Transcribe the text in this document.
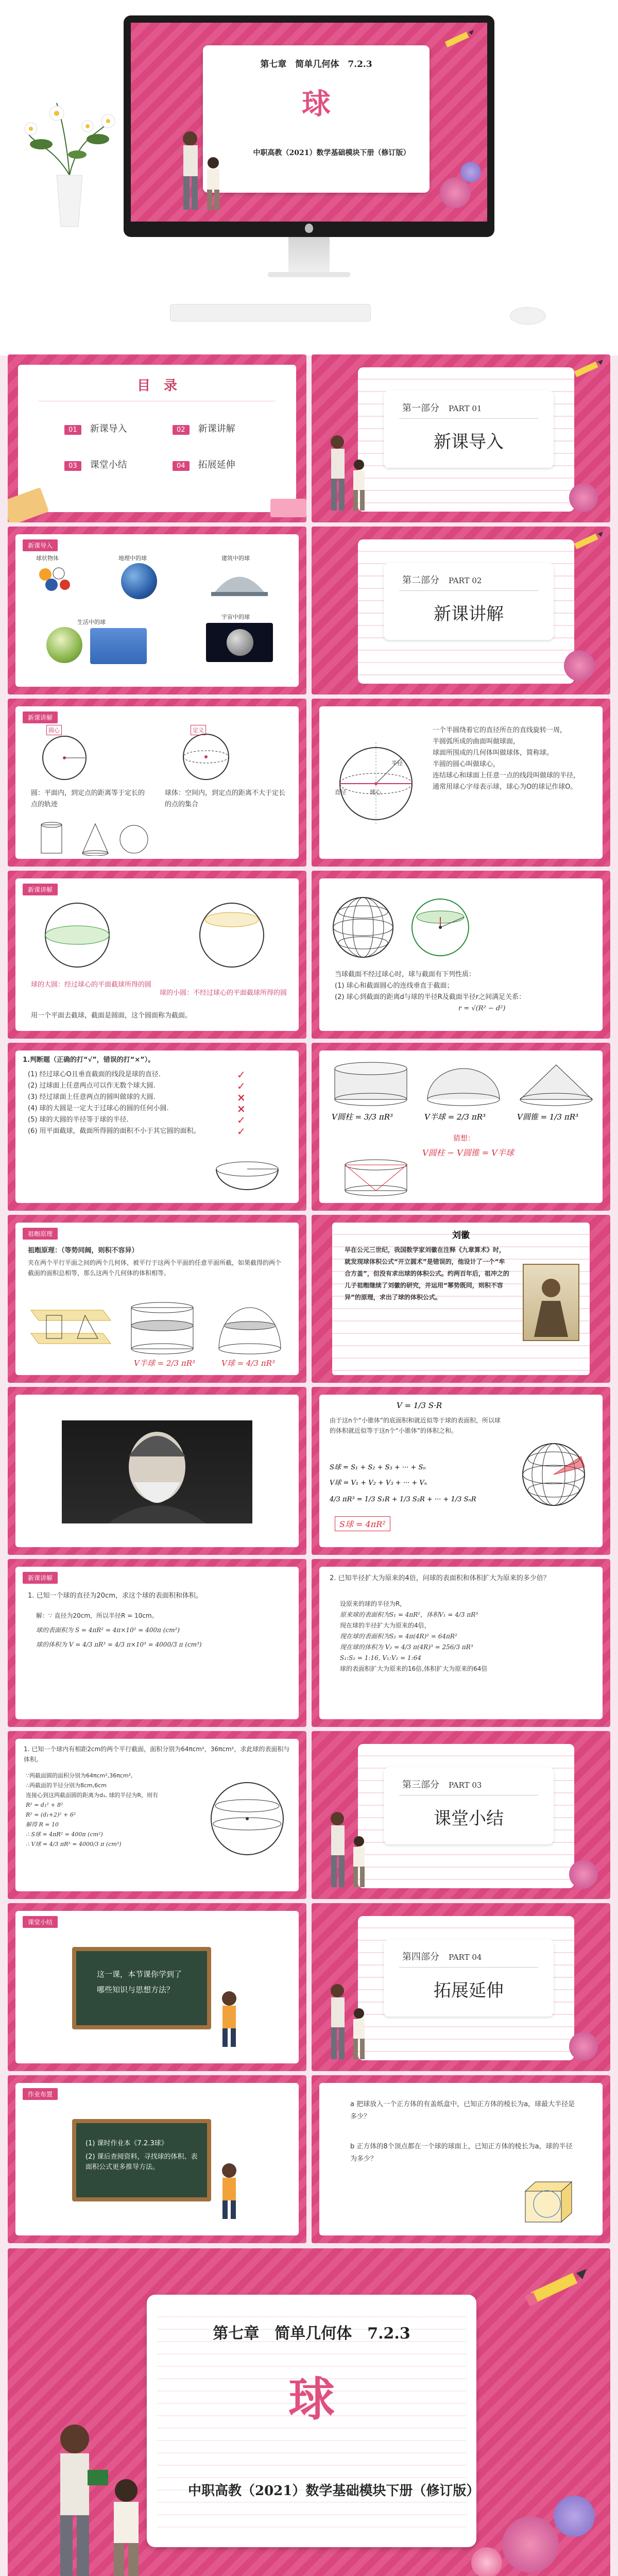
第七章　简单几何体　7.2.3
球
中职高教（2021）数学基础模块下册（修订版）
目　录
01 新课导入	02 新课讲解
03 课堂小结	04 拓展延伸
第一部分　 PART 01
新课导入
新课导入
球状物体	地理中的球	建筑中的球
生活中的球
宇宙中的球
第二部分　 PART 02
新课讲解
新课讲解
圆心	定义
圆：平面内，到定点的距离等于定长的点的轨迹
球体：空间内，到定点的距离不大于定长的点的集合
球心
半径
直径
一个半圆绕着它的直径所在的直线旋转一周，
半圆弧所成的曲面叫做球面，
球面所围成的几何体叫做球体，简称球。
半圆的圆心叫做球心，
连结球心和球面上任意一点的线段叫做球的半径，
通常用球心字母表示球，球心为O的球记作球O。
新课讲解
球的大圆：经过球心的平面截球所得的圆
球的小圆：不经过球心的平面截球所得的圆
用一个平面去截球，截面是圆面，这个圆面称为截面。
当球截面不经过球心时，球与截面有下列性质：
(1) 球心和截面圆心的连线垂直于截面；
(2) 球心到截面的距离d与球的半径R及截面半径r之间满足关系：
r = √(R² − d²)
1.判断题（正确的打“√”，错误的打“×”）。
(1) 经过球心O且垂直截面的线段是球的直径.
(2) 过球面上任意两点可以作无数个球大圆.
(3) 经过球面上任意两点的圆叫做球的大圆.
(4) 球的大圆是一定大于过球心的圆的任何小圆.
(5) 球的大圆的半径等于球的半径.
(6) 用平面截球，截面所得圆的面积不小于其它圆的面积。
✓
✓
×
×
✓
✓
V圆柱 = 3/3 πR³	V半球 = 2/3 πR³	V圆锥 = 1/3 πR³
猜想：
V圆柱 − V圆锥 = V半球
祖暅原理
祖暅原理：（等势同阔，则积不容异）
夹在两个平行平面之间的两个几何体，被平行于这两个平面的任意平面所截，如果截得的两个截面的面积总相等，那么这两个几何体的体积相等。
V半球 = 2/3 πR³	V球 = 4/3 πR³
刘徽
早在公元三世纪，我国数学家刘徽在注释《九章算术》时，就发现球体积公式“开立圆术”是错误的，他设计了一个“牟合方盖”，但没有求出球的体积公式。约两百年后，祖冲之的儿子祖暅继续了刘徽的研究，并运用“幂势既同，则积不容异”的原理，求出了球的体积公式。
V = 1/3 S·R
由于这n个“小锥体”的底面积和就近似等于球的表面积，所以球的体积就近似等于这n个“小锥体”的体积之和。
S球 = S₁ + S₂ + S₃ + ··· + Sₙ
V球 = V₁ + V₂ + V₃ + ··· + Vₙ
4/3 πR³ = 1/3 S₁R + 1/3 S₂R + ··· + 1/3 SₙR
S球 = 4πR²
新课讲解
1. 已知一个球的直径为20cm，求这个球的表面积和体积。
解：∵ 直径为20cm，所以半径R = 10cm。
球的表面积为 S = 4πR² = 4π×10² = 400π (cm²)
球的体积为 V = 4/3 πR³ = 4/3 π×10³ = 4000/3 π (cm³)
2. 已知半径扩大为原来的4倍，问球的表面积和体积扩大为原来的多少倍？
设原来的球的半径为R，
原来球的表面积为S₁ = 4πR²，体积V₁ = 4/3 πR³
现在球的半径扩大为原来的4倍，
现在球的表面积为S₂ = 4π(4R)² = 64πR²
现在球的体积为 V₂ = 4/3 π(4R)³ = 256/3 πR³
S₁:S₂ = 1:16, V₁:V₂ = 1:64
球的表面积扩大为原来的16倍,体积扩大为原来的64倍
1. 已知一个球内有相距2cm的两个平行截面，面积分别为64πcm²，36πcm²，求此球的表面积与体积。
∵两截面圆的面积分别为64πcm²,36πcm²,
∴两截面的半径分别为8cm,6cm
连接心到这两截面圆的距离为d₁, 球的半径为R，则有
R² = d₁² + 8²
R² = (d₁+2)² + 6²
解得 R = 10
∴ S球 = 4πR² = 400π (cm²)
∴ V球 = 4/3 πR³ = 4000/3 π (cm³)
第三部分　 PART 03
课堂小结
课堂小结
这一课，本节课你学到了
哪些知识与思想方法？
第四部分　 PART 04
拓展延伸
作业布置
(1) 课时作业本《7.2.3球》
(2) 课后查阅资料，寻找球的体积、表面积公式更多推导方法。
a 把球放入一个正方体的有盖纸盒中，已知正方体的棱长为a，球最大半径是多少？
b 正方体的8个顶点都在一个球的球面上，已知正方体的棱长为a，球的半径为多少？
第七章　简单几何体　7.2.3
球
中职高教（2021）数学基础模块下册（修订版）
